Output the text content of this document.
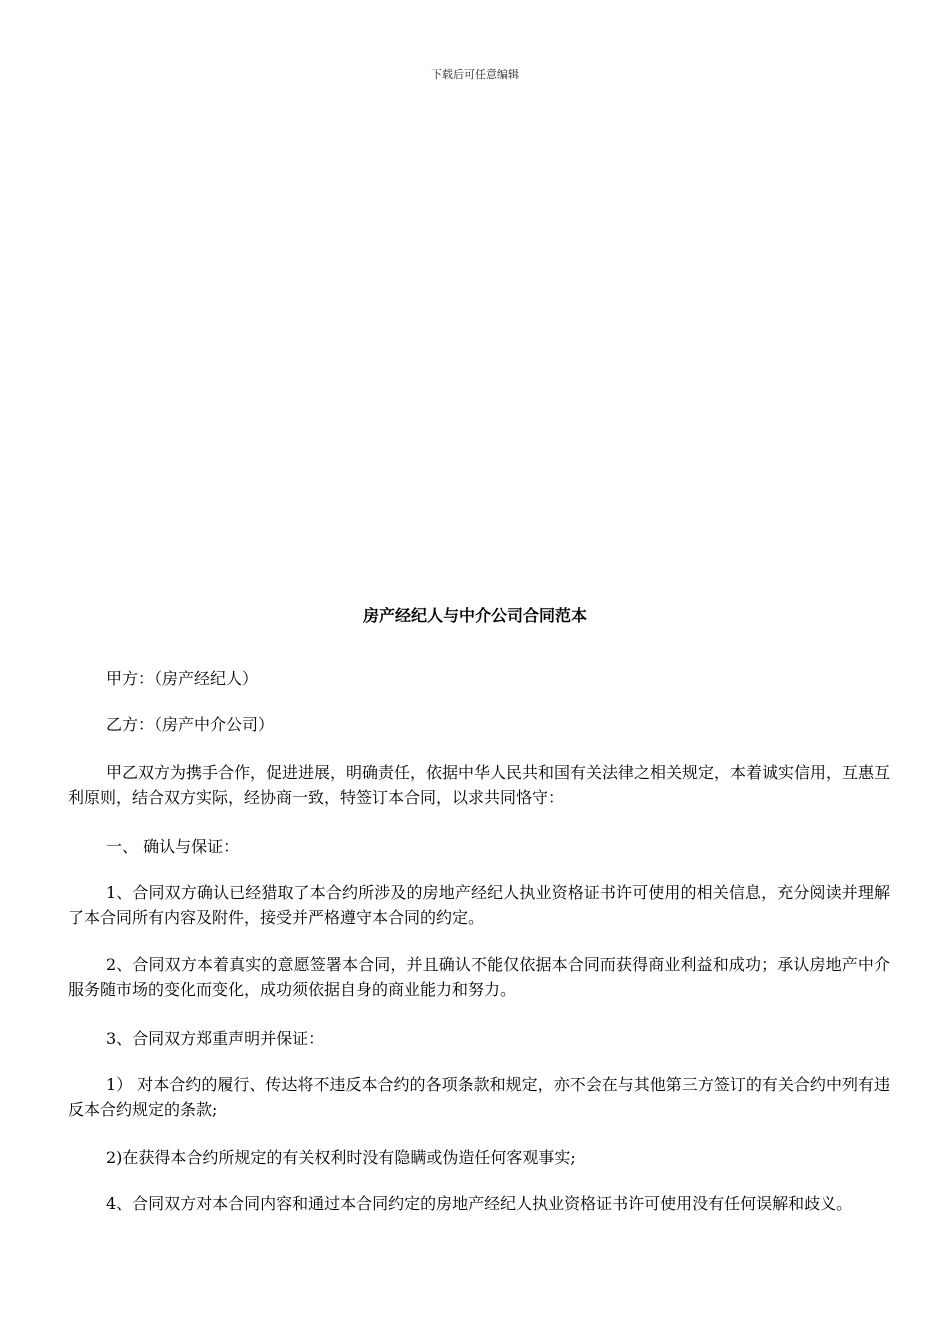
下载后可任意编辑
房产经纪人与中介公司合同范本

甲方：（房产经纪人）

乙方：（房产中介公司）

甲乙双方为携手合作，促进进展，明确责任，依据中华人民共和国有关法律之相关规定，本着诚实信用，互惠互利原则，结合双方实际，经协商一致，特签订本合同，以求共同恪守：

一、 确认与保证：

1、合同双方确认已经猎取了本合约所涉及的房地产经纪人执业资格证书许可使用的相关信息，充分阅读并理解了本合同所有内容及附件，接受并严格遵守本合同的约定。

2、合同双方本着真实的意愿签署本合同，并且确认不能仅依据本合同而获得商业利益和成功；承认房地产中介服务随市场的变化而变化，成功须依据自身的商业能力和努力。

3、合同双方郑重声明并保证：

1） 对本合约的履行、传达将不违反本合约的各项条款和规定，亦不会在与其他第三方签订的有关合约中列有违反本合约规定的条款;

2)在获得本合约所规定的有关权利时没有隐瞒或伪造任何客观事实;

4、合同双方对本合同内容和通过本合同约定的房地产经纪人执业资格证书许可使用没有任何误解和歧义。
